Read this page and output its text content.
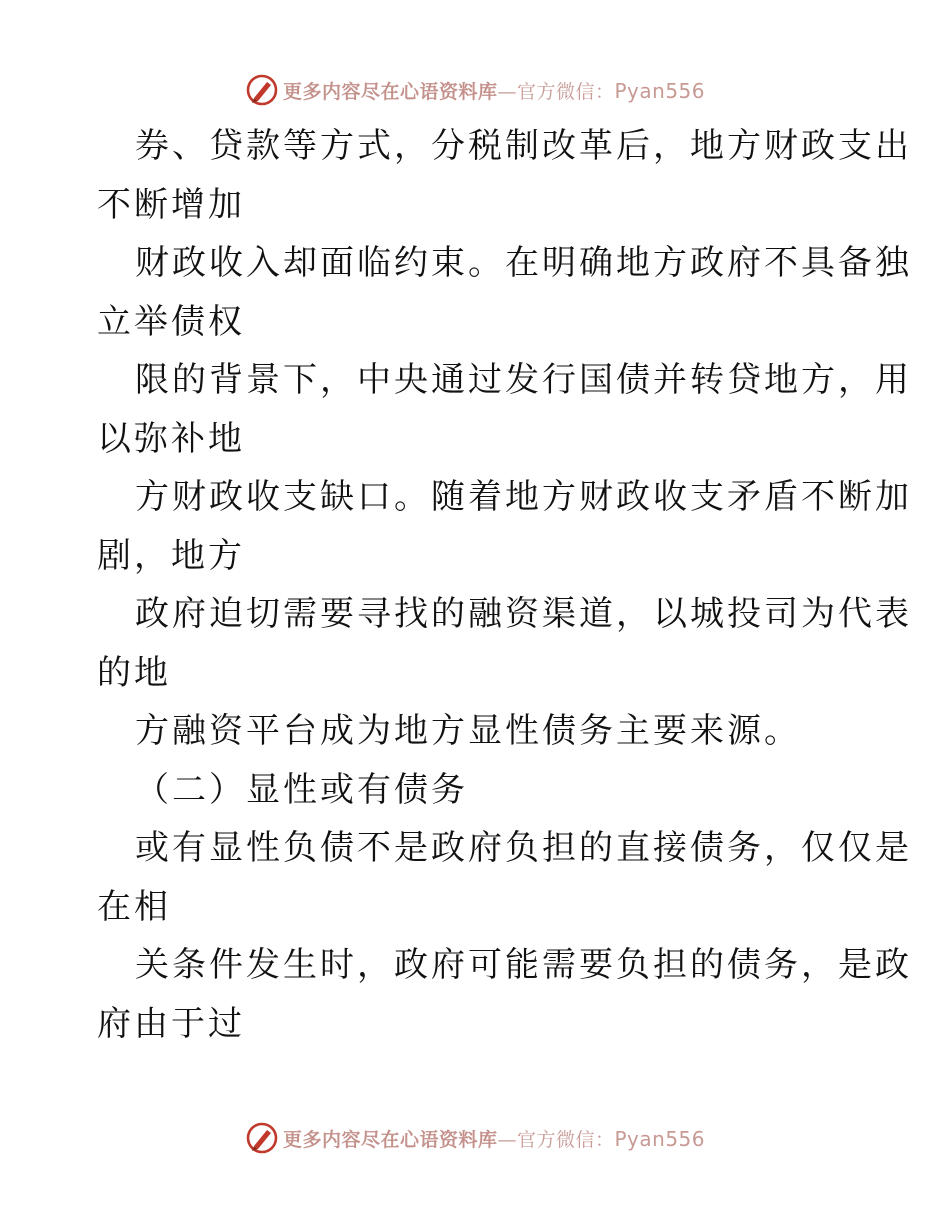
更多内容尽在心语资料库—官方微信：Pyan556
券、贷款等方式，分税制改革后，地方财政支出
不断增加
财政收入却面临约束。在明确地方政府不具备独
立举债权
限的背景下，中央通过发行国债并转贷地方，用
以弥补地
方财政收支缺口。随着地方财政收支矛盾不断加
剧，地方
政府迫切需要寻找的融资渠道，以城投司为代表
的地
方融资平台成为地方显性债务主要来源。
（二）显性或有债务
或有显性负债不是政府负担的直接债务，仅仅是
在相
关条件发生时，政府可能需要负担的债务，是政
府由于过
更多内容尽在心语资料库—官方微信：Pyan556
